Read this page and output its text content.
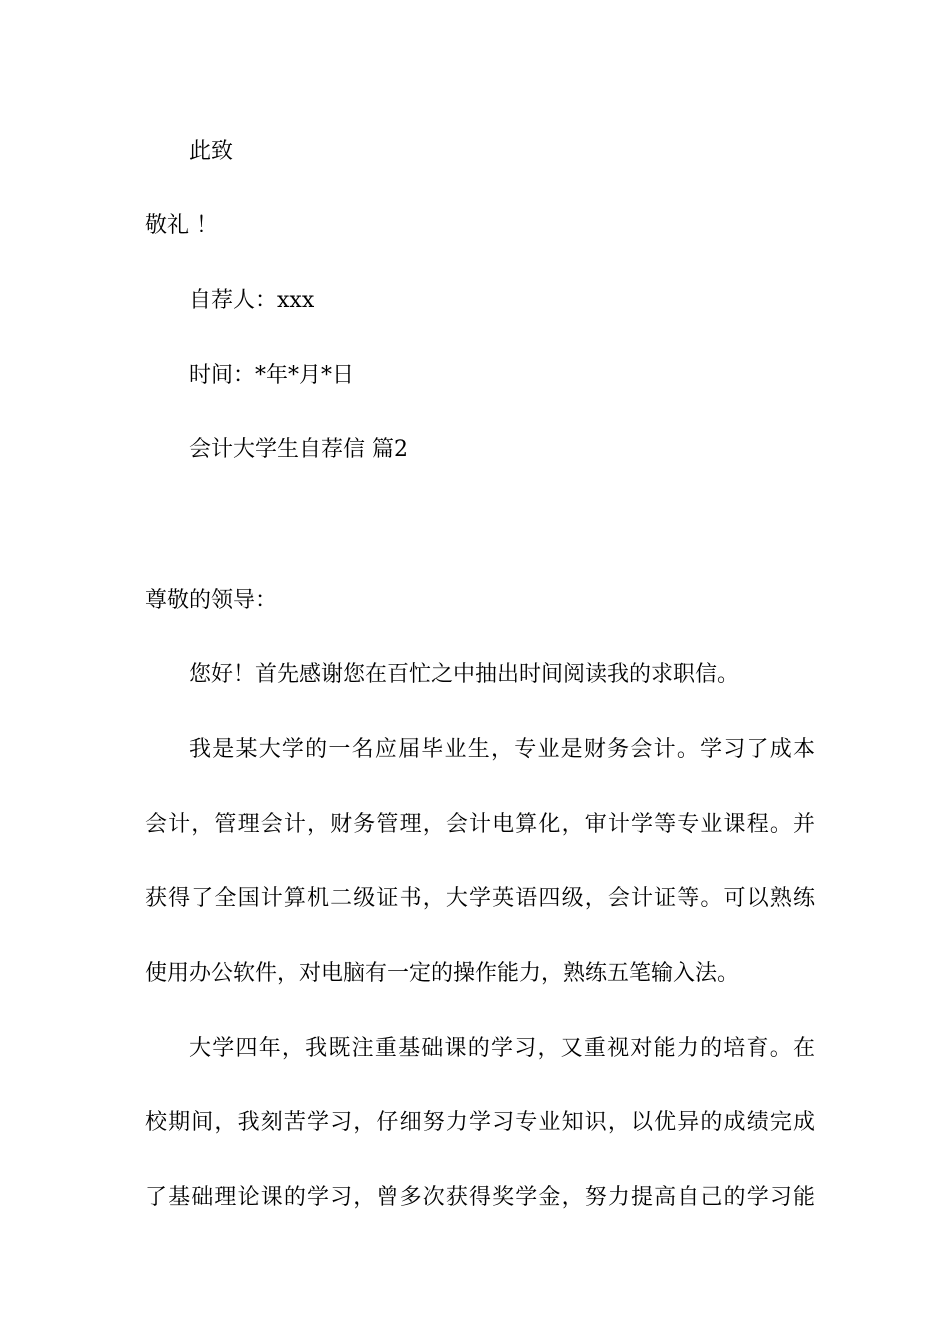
此致

敬礼 ！

自荐人：xxx

时间：*年*月*日

会计大学生自荐信 篇2

尊敬的领导：

您好！首先感谢您在百忙之中抽出时间阅读我的求职信。

我是某大学的一名应届毕业生，专业是财务会计。学习了成本

会计，管理会计，财务管理，会计电算化，审计学等专业课程。并

获得了全国计算机二级证书，大学英语四级，会计证等。可以熟练

使用办公软件，对电脑有一定的操作能力，熟练五笔输入法。

大学四年，我既注重基础课的学习，又重视对能力的培育。在

校期间，我刻苦学习，仔细努力学习专业知识，以优异的成绩完成

了基础理论课的学习，曾多次获得奖学金，努力提高自己的学习能
